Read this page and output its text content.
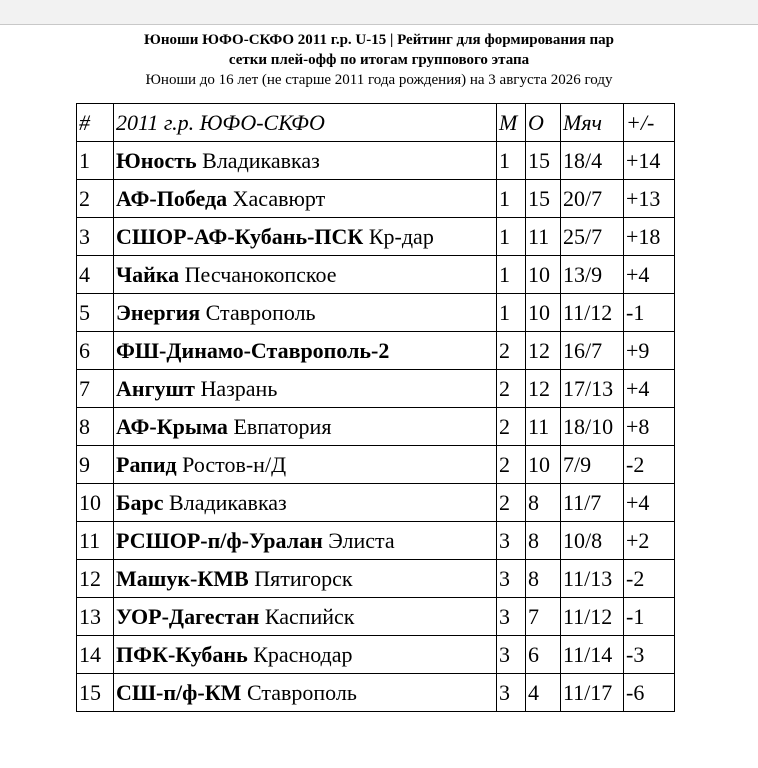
Юноши ЮФО-СКФО 2011 г.р. U-15 | Рейтинг для формирования пар
сетки плей-офф по итогам группового этапа
Юноши до 16 лет (не старше 2011 года рождения) на 3 августа 2026 году
#	2011 г.р. ЮФО-СКФО	М	О	Мяч	+/-
1	Юность Владикавказ	1	15	18/4	+14
2	АФ-Победа Хасавюрт	1	15	20/7	+13
3	СШОР-АФ-Кубань-ПСК Кр-дар	1	11	25/7	+18
4	Чайка Песчанокопское	1	10	13/9	+4
5	Энергия Ставрополь	1	10	11/12	-1
6	ФШ-Динамо-Ставрополь-2	2	12	16/7	+9
7	Ангушт Назрань	2	12	17/13	+4
8	АФ-Крыма Евпатория	2	11	18/10	+8
9	Рапид Ростов-н/Д	2	10	7/9	-2
10	Барс Владикавказ	2	8	11/7	+4
11	РСШОР-п/ф-Уралан Элиста	3	8	10/8	+2
12	Машук-КМВ Пятигорск	3	8	11/13	-2
13	УОР-Дагестан Каспийск	3	7	11/12	-1
14	ПФК-Кубань Краснодар	3	6	11/14	-3
15	СШ-п/ф-КМ Ставрополь	3	4	11/17	-6
